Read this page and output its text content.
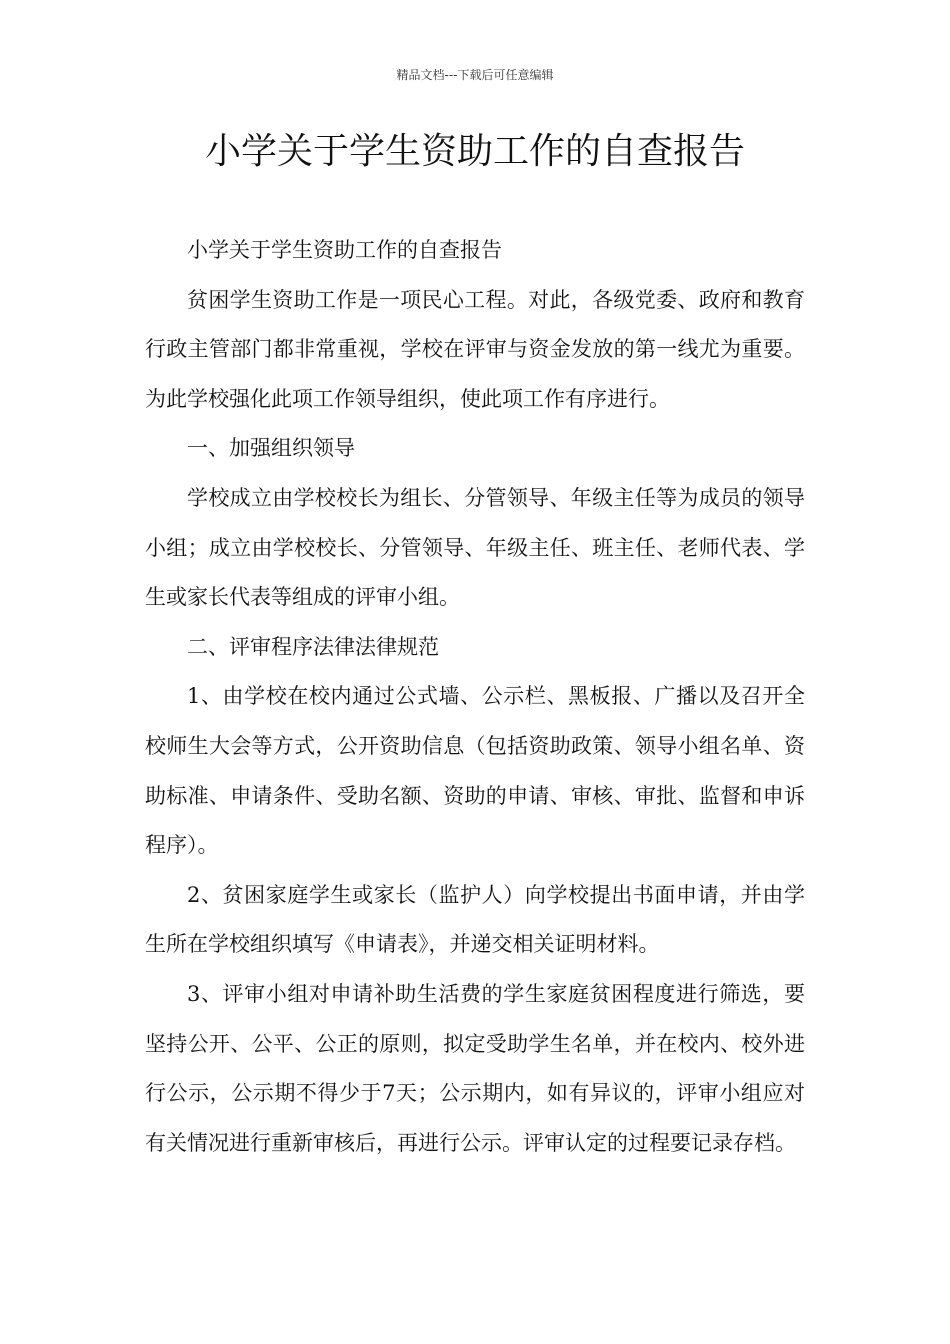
精品文档---下载后可任意编辑
小学关于学生资助工作的自查报告

小学关于学生资助工作的自查报告

贫困学生资助工作是一项民心工程。对此，各级党委、政府和教育行政主管部门都非常重视，学校在评审与资金发放的第一线尤为重要。为此学校强化此项工作领导组织，使此项工作有序进行。

一、加强组织领导

学校成立由学校校长为组长、分管领导、年级主任等为成员的领导小组；成立由学校校长、分管领导、年级主任、班主任、老师代表、学生或家长代表等组成的评审小组。

二、评审程序法律法律规范

1、由学校在校内通过公式墙、公示栏、黑板报、广播以及召开全校师生大会等方式，公开资助信息（包括资助政策、领导小组名单、资助标准、申请条件、受助名额、资助的申请、审核、审批、监督和申诉程序）。

2、贫困家庭学生或家长（监护人）向学校提出书面申请，并由学生所在学校组织填写《申请表》，并递交相关证明材料。

3、评审小组对申请补助生活费的学生家庭贫困程度进行筛选，要坚持公开、公平、公正的原则，拟定受助学生名单，并在校内、校外进行公示，公示期不得少于7天；公示期内，如有异议的，评审小组应对有关情况进行重新审核后，再进行公示。评审认定的过程要记录存档。
